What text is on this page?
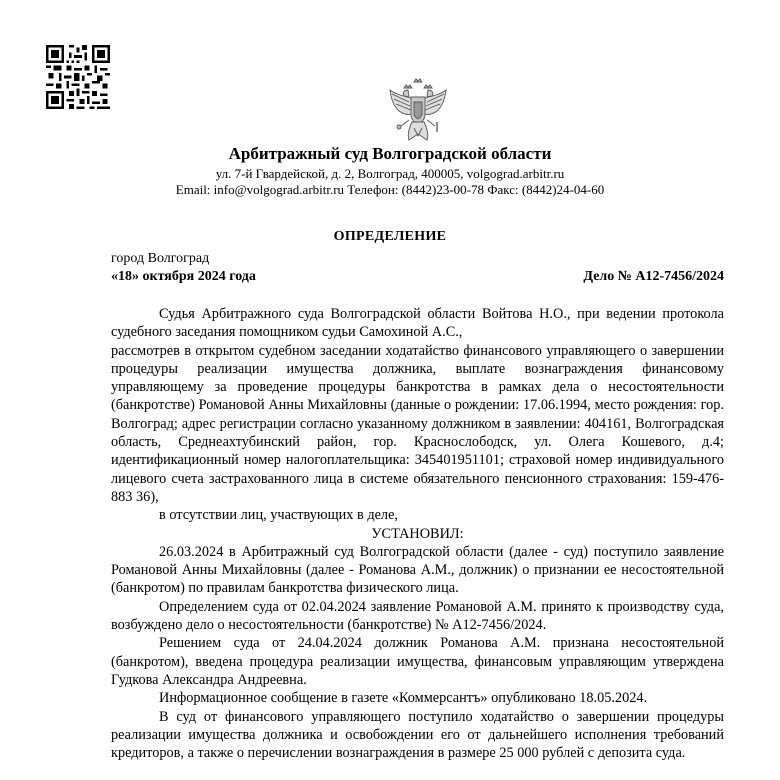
Арбитражный суд Волгоградской области
ул. 7-й Гвардейской, д. 2, Волгоград, 400005, volgograd.arbitr.ru
Email: info@volgograd.arbitr.ru Телефон: (8442)23-00-78 Факс: (8442)24-04-60
ОПРЕДЕЛЕНИЕ
город Волгоград
«18» октября 2024 года	Дело № А12-7456/2024

Судья Арбитражного суда Волгоградской области Войтова Н.О., при ведении протокола судебного заседания помощником судьи Самохиной А.С.,

рассмотрев в открытом судебном заседании ходатайство финансового управляющего о завершении процедуры реализации имущества должника, выплате вознаграждения финансовому управляющему за проведение процедуры банкротства в рамках дела о несостоятельности (банкротстве) Романовой Анны Михайловны (данные о рождении: 17.06.1994, место рождения: гор. Волгоград; адрес регистрации согласно указанному должником в заявлении: 404161, Волгоградская область, Среднеахтубинский район, гор. Краснослободск, ул. Олега Кошевого, д.4; идентификационный номер налогоплательщика: 345401951101; страховой номер индивидуального лицевого счета застрахованного лица в системе обязательного пенсионного страхования: 159-476-883 36),

в отсутствии лиц, участвующих в деле,

УСТАНОВИЛ:

26.03.2024 в Арбитражный суд Волгоградской области (далее - суд) поступило заявление Романовой Анны Михайловны (далее - Романова А.М., должник) о признании ее несостоятельной (банкротом) по правилам банкротства физического лица.

Определением суда от 02.04.2024 заявление Романовой А.М. принято к производству суда, возбуждено дело о несостоятельности (банкротстве) № А12-7456/2024.

Решением суда от 24.04.2024 должник Романова А.М. признана несостоятельной (банкротом), введена процедура реализации имущества, финансовым управляющим утверждена Гудкова Александра Андреевна.

Информационное сообщение в газете «Коммерсантъ» опубликовано 18.05.2024.

В суд от финансового управляющего поступило ходатайство о завершении процедуры реализации имущества должника и освобождении его от дальнейшего исполнения требований кредиторов, а также о перечислении вознаграждения в размере 25 000 рублей с депозита суда.
